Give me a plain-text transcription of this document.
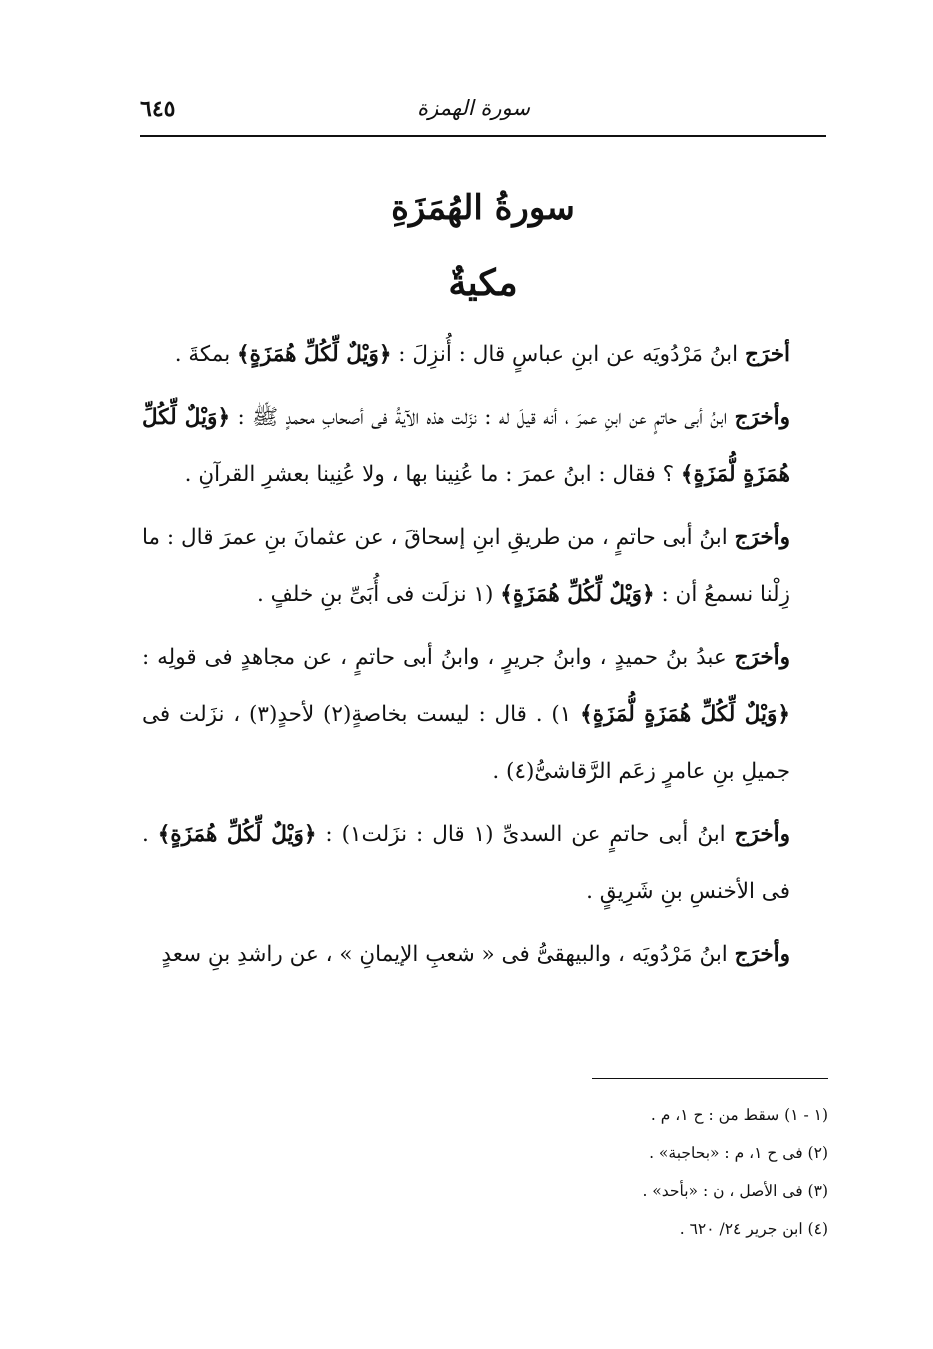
سورة الهمزة
٦٤٥
سورةُ الهُمَزَةِ
مكيةٌ

أخرَج ابنُ مَرْدُويَه عن ابنِ عباسٍ قال : أُنزِلَ : ﴿وَيْلٌ لِّكُلِّ هُمَزَةٍ﴾ بمكةَ .

وأخرَج ابنُ أبى حاتمٍ عن ابنِ عمرَ ، أنه قيلَ له : نزَلت هذه الآيةُ فى أصحابِ محمدٍ ﷺ : ﴿وَيْلٌ لِّكُلِّ هُمَزَةٍ لُّمَزَةٍ﴾ ؟ فقال : ابنُ عمرَ : ما عُنِينا بها ، ولا عُنِينا بعشرِ القرآنِ .

وأخرَج ابنُ أبى حاتمٍ ، من طريقِ ابنِ إسحاقَ ، عن عثمانَ بنِ عمرَ قال : ما زِلْنا نسمعُ أن : ﴿وَيْلٌ لِّكُلِّ هُمَزَةٍ﴾ (١ نزلَت فى أُبَىِّ بنِ خلفٍ .

وأخرَج عبدُ بنُ حميدٍ ، وابنُ جريرٍ ، وابنُ أبى حاتمٍ ، عن مجاهدٍ فى قولِه : ﴿وَيْلٌ لِّكُلِّ هُمَزَةٍ لُّمَزَةٍ﴾ ١) . قال : ليست بخاصةٍ(٢) لأحدٍ(٣) ، نزَلت فى جميلِ بنِ عامرٍ زعَم الرَّقاشىُّ(٤) .

وأخرَج ابنُ أبى حاتمٍ عن السدىِّ (١ قال : نزَلت١) : ﴿وَيْلٌ لِّكُلِّ هُمَزَةٍ﴾ . فى الأخنسِ بنِ شَرِيقٍ .

وأخرَج ابنُ مَرْدُويَه ، والبيهقىُّ فى « شعبِ الإيمانِ » ، عن راشدِ بنِ سعدٍ

(١ - ١) سقط من : ح ١، م .

(٢) فى ح ١، م : «بحاجبة» .

(٣) فى الأصل ، ن : «بأحد» .

(٤) ابن جرير ٢٤/ ٦٢٠ .
